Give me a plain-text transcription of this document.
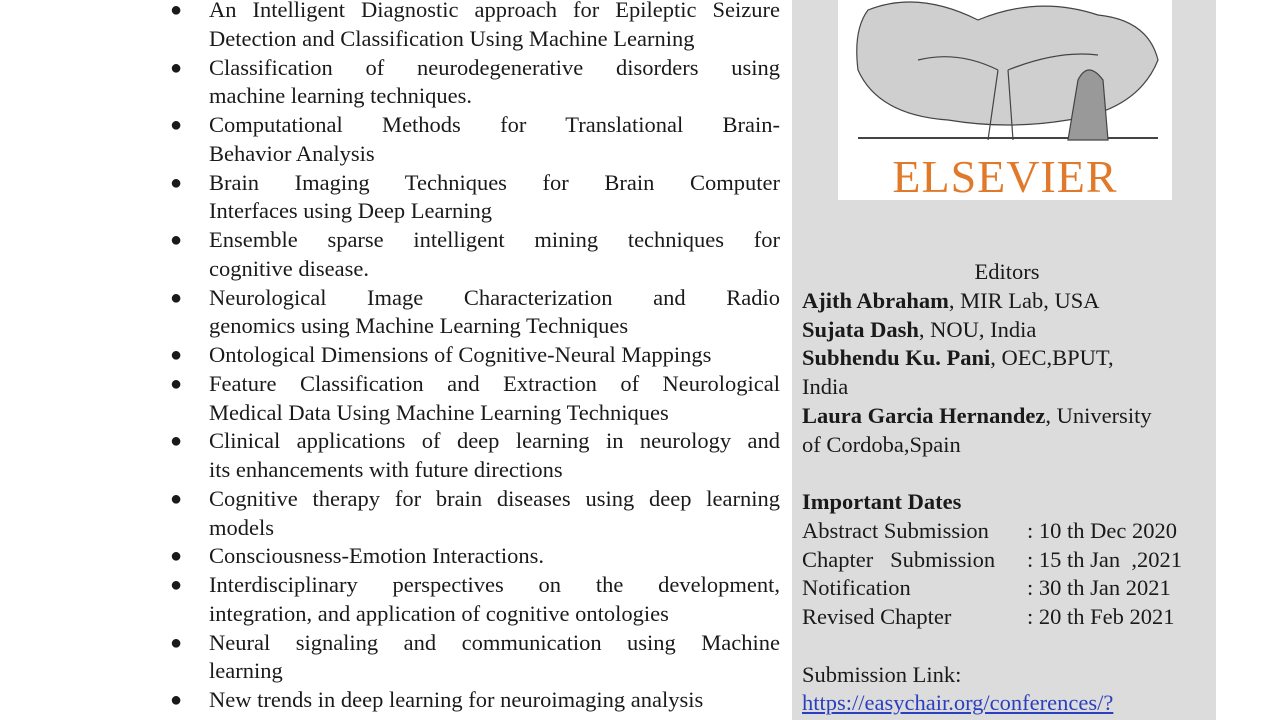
● An Intelligent Diagnostic approach for Epileptic Seizure
Detection and Classification Using Machine Learning
● Classification of neurodegenerative disorders using
machine learning techniques.
● Computational Methods for Translational Brain-
Behavior Analysis
● Brain Imaging Techniques for Brain Computer
Interfaces using Deep Learning
● Ensemble sparse intelligent mining techniques for
cognitive disease.
● Neurological Image Characterization and Radio
genomics using Machine Learning Techniques
● Ontological Dimensions of Cognitive-Neural Mappings
● Feature Classification and Extraction of Neurological
Medical Data Using Machine Learning Techniques
● Clinical applications of deep learning in neurology and
its enhancements with future directions
● Cognitive therapy for brain diseases using deep learning
models
● Consciousness-Emotion Interactions.
● Interdisciplinary perspectives on the development,
integration, and application of cognitive ontologies
● Neural signaling and communication using Machine
learning
● New trends in deep learning for neuroimaging analysis
ELSEVIER
Editors
Ajith Abraham, MIR Lab, USA
Sujata Dash, NOU, India
Subhendu Ku. Pani, OEC,BPUT,
India
Laura Garcia Hernandez, University
of Cordoba,Spain
Important Dates
Abstract Submission	: 10 th Dec 2020
Chapter   Submission	: 15 th Jan  ,2021
Notification	: 30 th Jan 2021
Revised Chapter	: 20 th Feb 2021
Submission Link:
https://easychair.org/conferences/?
